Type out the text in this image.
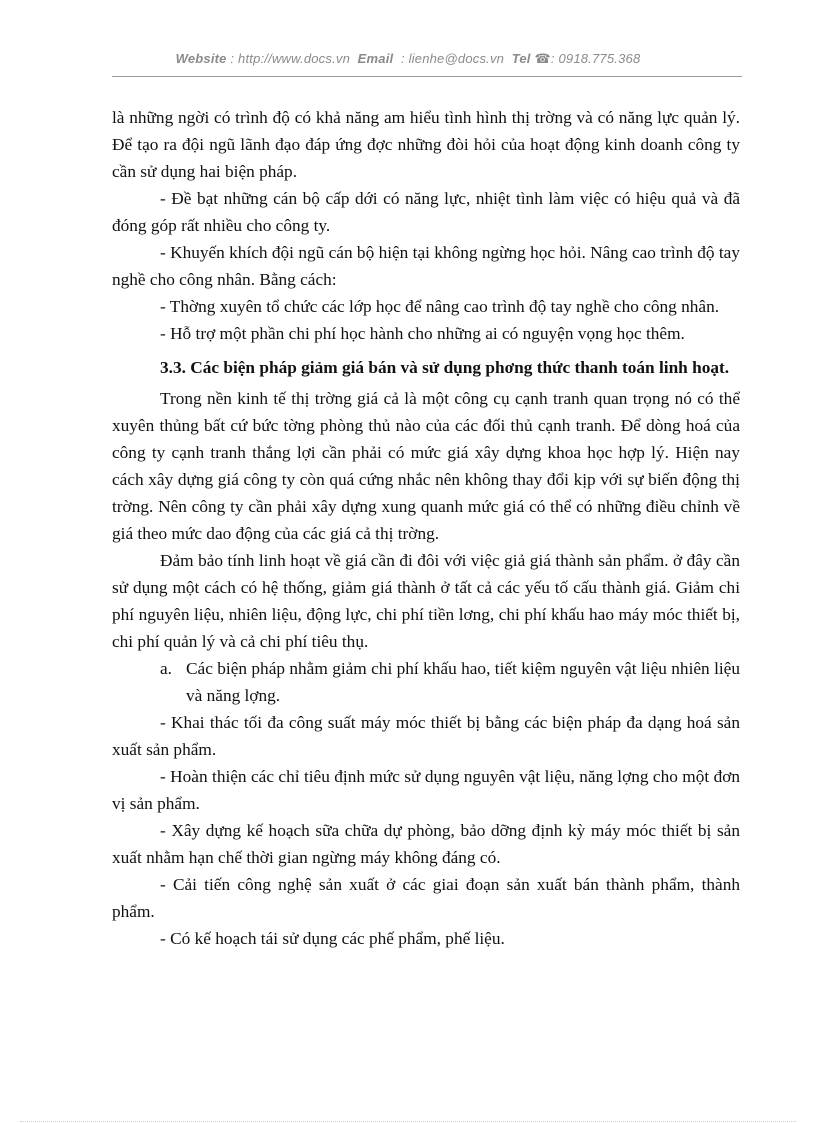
Website : http://www.docs.vn Email : lienhe@docs.vn Tel ☎: 0918.775.368

là những ngời có trình độ có khả năng am hiểu tình hình thị trờng và có năng lực quản lý. Để tạo ra đội ngũ lãnh đạo đáp ứng đợc những đòi hỏi của hoạt động kinh doanh công ty cần sử dụng hai biện pháp.

- Đề bạt những cán bộ cấp dới có năng lực, nhiệt tình làm việc có hiệu quả và đã đóng góp rất nhiều cho công ty.

- Khuyến khích đội ngũ cán bộ hiện tại không ngừng học hỏi. Nâng cao trình độ tay nghề cho công nhân. Bằng cách:

- Thờng xuyên tổ chức các lớp học để nâng cao trình độ tay nghề cho công nhân.

- Hỗ trợ một phần chi phí học hành cho những ai có nguyện vọng học thêm.

3.3. Các biện pháp giảm giá bán và sử dụng phơng thức thanh toán linh hoạt.

Trong nền kinh tế thị trờng giá cả là một công cụ cạnh tranh quan trọng nó có thể xuyên thủng bất cứ bức tờng phòng thủ nào của các đối thủ cạnh tranh. Để dòng hoá của công ty cạnh tranh thắng lợi cần phải có mức giá xây dựng khoa học hợp lý. Hiện nay cách xây dựng giá công ty còn quá cứng nhắc nên không thay đổi kịp với sự biến động thị trờng. Nên công ty cần phải xây dựng xung quanh mức giá có thể có những điều chỉnh về giá theo mức dao động của các giá cả thị trờng.

Đảm bảo tính linh hoạt về giá cần đi đôi với việc giả giá thành sản phẩm. ở đây cần sử dụng một cách có hệ thống, giảm giá thành ở tất cả các yếu tố cấu thành giá. Giảm chi phí nguyên liệu, nhiên liệu, động lực, chi phí tiền lơng, chi phí khấu hao máy móc thiết bị, chi phí quản lý và cả chi phí tiêu thụ.

a. Các biện pháp nhằm giảm chi phí khấu hao, tiết kiệm nguyên vật liệu nhiên liệu và năng lợng.

- Khai thác tối đa công suất máy móc thiết bị bằng các biện pháp đa dạng hoá sản xuất sản phẩm.

- Hoàn thiện các chỉ tiêu định mức sử dụng nguyên vật liệu, năng lợng cho một đơn vị sản phẩm.

- Xây dựng kế hoạch sữa chữa dự phòng, bảo dỡng định kỳ máy móc thiết bị sản xuất nhằm hạn chế thời gian ngừng máy không đáng có.

- Cải tiến công nghệ sản xuất ở các giai đoạn sản xuất bán thành phẩm, thành phẩm.

- Có kế hoạch tái sử dụng các phế phẩm, phế liệu.
